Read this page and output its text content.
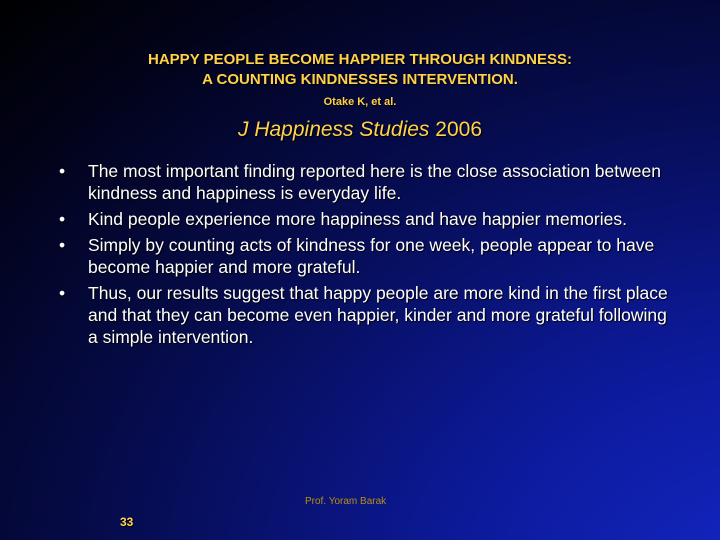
HAPPY PEOPLE BECOME HAPPIER THROUGH KINDNESS:
A COUNTING KINDNESSES INTERVENTION.
Otake K, et al.
J Happiness Studies 2006
• The most important finding reported here is the close association between kindness and happiness is everyday life.
• Kind people experience more happiness and have happier memories.
• Simply by counting acts of kindness for one week, people appear to have become happier and more grateful.
• Thus, our results suggest that happy people are more kind in the first place and that they can become even happier, kinder and more grateful following a simple intervention.
Prof. Yoram Barak
33
